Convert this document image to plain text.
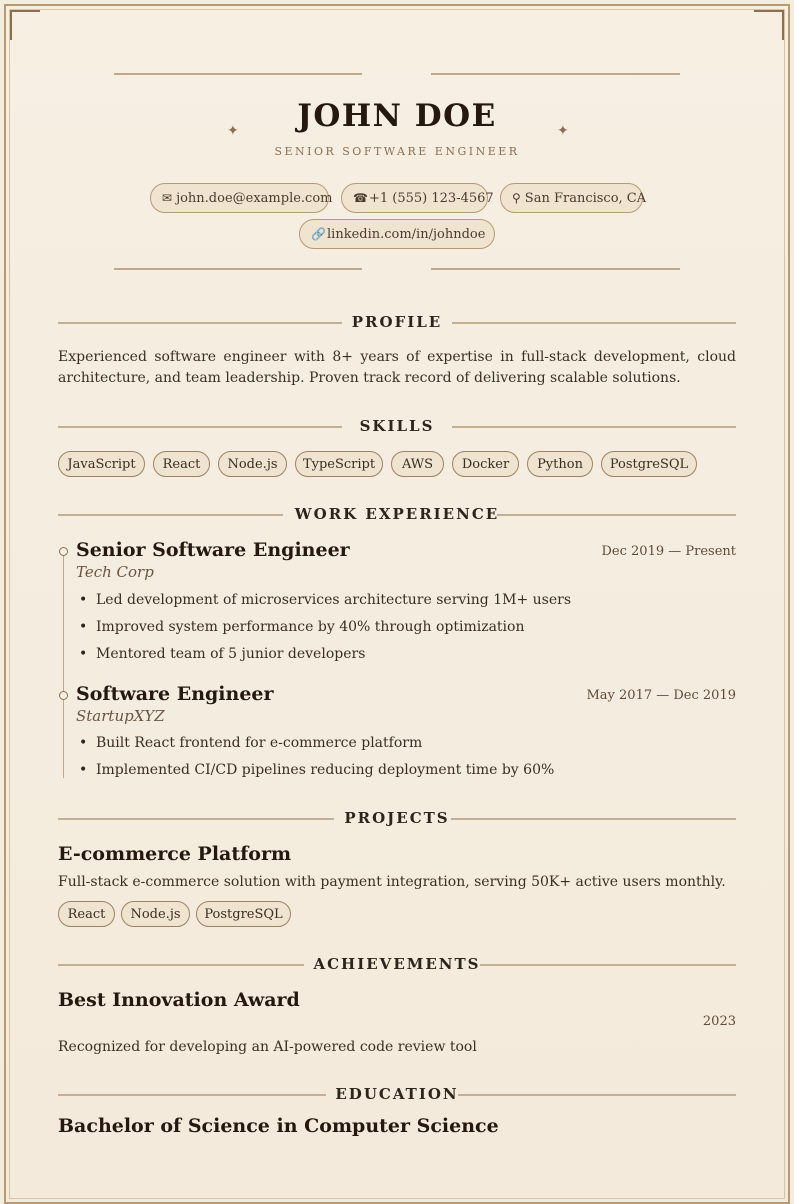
✦	✦
JOHN DOE
SENIOR SOFTWARE ENGINEER
✉ john.doe@example.com ☎ +1 (555) 123-4567 ⚲ San Francisco, CA
🔗 linkedin.com/in/johndoe
PROFILE
Experienced software engineer with 8+ years of expertise in full-stack development, cloud architecture, and team leadership. Proven track record of delivering scalable solutions.
SKILLS
JavaScript	React	Node.js	TypeScript	AWS	Docker	Python	PostgreSQL
WORK EXPERIENCE
Senior Software Engineer	Dec 2019 — Present
Tech Corp
• Led development of microservices architecture serving 1M+ users
• Improved system performance by 40% through optimization
• Mentored team of 5 junior developers
Software Engineer	May 2017 — Dec 2019
StartupXYZ
• Built React frontend for e-commerce platform
• Implemented CI/CD pipelines reducing deployment time by 60%
PROJECTS
E-commerce Platform
Full-stack e-commerce solution with payment integration, serving 50K+ active users monthly.
React	Node.js	PostgreSQL
ACHIEVEMENTS
Best Innovation Award
2023
Recognized for developing an AI-powered code review tool
EDUCATION
Bachelor of Science in Computer Science
